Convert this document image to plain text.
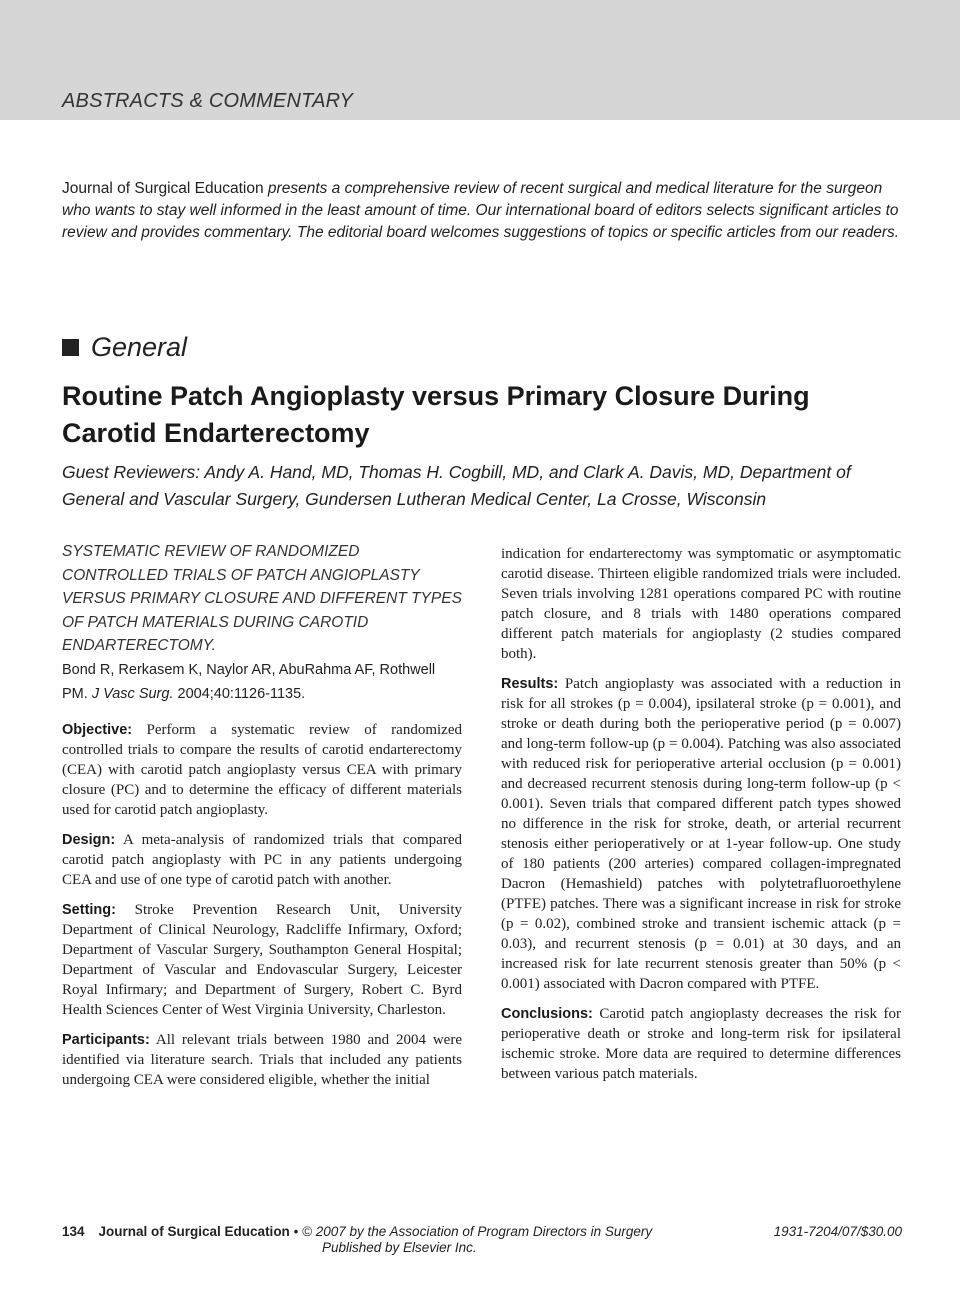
ABSTRACTS & COMMENTARY
Journal of Surgical Education presents a comprehensive review of recent surgical and medical literature for the surgeon who wants to stay well informed in the least amount of time. Our international board of editors selects significant articles to review and provides commentary. The editorial board welcomes suggestions of topics or specific articles from our readers.
General
Routine Patch Angioplasty versus Primary Closure During Carotid Endarterectomy
Guest Reviewers: Andy A. Hand, MD, Thomas H. Cogbill, MD, and Clark A. Davis, MD, Department of General and Vascular Surgery, Gundersen Lutheran Medical Center, La Crosse, Wisconsin
SYSTEMATIC REVIEW OF RANDOMIZED CONTROLLED TRIALS OF PATCH ANGIOPLASTY VERSUS PRIMARY CLOSURE AND DIFFERENT TYPES OF PATCH MATERIALS DURING CAROTID ENDARTERECTOMY.
Bond R, Rerkasem K, Naylor AR, AbuRahma AF, Rothwell PM. J Vasc Surg. 2004;40:1126-1135.

Objective: Perform a systematic review of randomized controlled trials to compare the results of carotid endarterectomy (CEA) with carotid patch angioplasty versus CEA with primary closure (PC) and to determine the efficacy of different materials used for carotid patch angioplasty.

Design: A meta-analysis of randomized trials that compared carotid patch angioplasty with PC in any patients undergoing CEA and use of one type of carotid patch with another.

Setting: Stroke Prevention Research Unit, University Department of Clinical Neurology, Radcliffe Infirmary, Oxford; Department of Vascular Surgery, Southampton General Hospital; Department of Vascular and Endovascular Surgery, Leicester Royal Infirmary; and Department of Surgery, Robert C. Byrd Health Sciences Center of West Virginia University, Charleston.

Participants: All relevant trials between 1980 and 2004 were identified via literature search. Trials that included any patients undergoing CEA were considered eligible, whether the initial

indication for endarterectomy was symptomatic or asymptomatic carotid disease. Thirteen eligible randomized trials were included. Seven trials involving 1281 operations compared PC with routine patch closure, and 8 trials with 1480 operations compared different patch materials for angioplasty (2 studies compared both).

Results: Patch angioplasty was associated with a reduction in risk for all strokes (p = 0.004), ipsilateral stroke (p = 0.001), and stroke or death during both the perioperative period (p = 0.007) and long-term follow-up (p = 0.004). Patching was also associated with reduced risk for perioperative arterial occlusion (p = 0.001) and decreased recurrent stenosis during long-term follow-up (p < 0.001). Seven trials that compared different patch types showed no difference in the risk for stroke, death, or arterial recurrent stenosis either perioperatively or at 1-year follow-up. One study of 180 patients (200 arteries) compared collagen-impregnated Dacron (Hemashield) patches with polytetrafluoroethylene (PTFE) patches. There was a significant increase in risk for stroke (p = 0.02), combined stroke and transient ischemic attack (p = 0.03), and recurrent stenosis (p = 0.01) at 30 days, and an increased risk for late recurrent stenosis greater than 50% (p < 0.001) associated with Dacron compared with PTFE.

Conclusions: Carotid patch angioplasty decreases the risk for perioperative death or stroke and long-term risk for ipsilateral ischemic stroke. More data are required to determine differences between various patch materials.

134 Journal of Surgical Education • © 2007 by the Association of Program Directors in Surgery
Published by Elsevier Inc.
1931-7204/07/$30.00
